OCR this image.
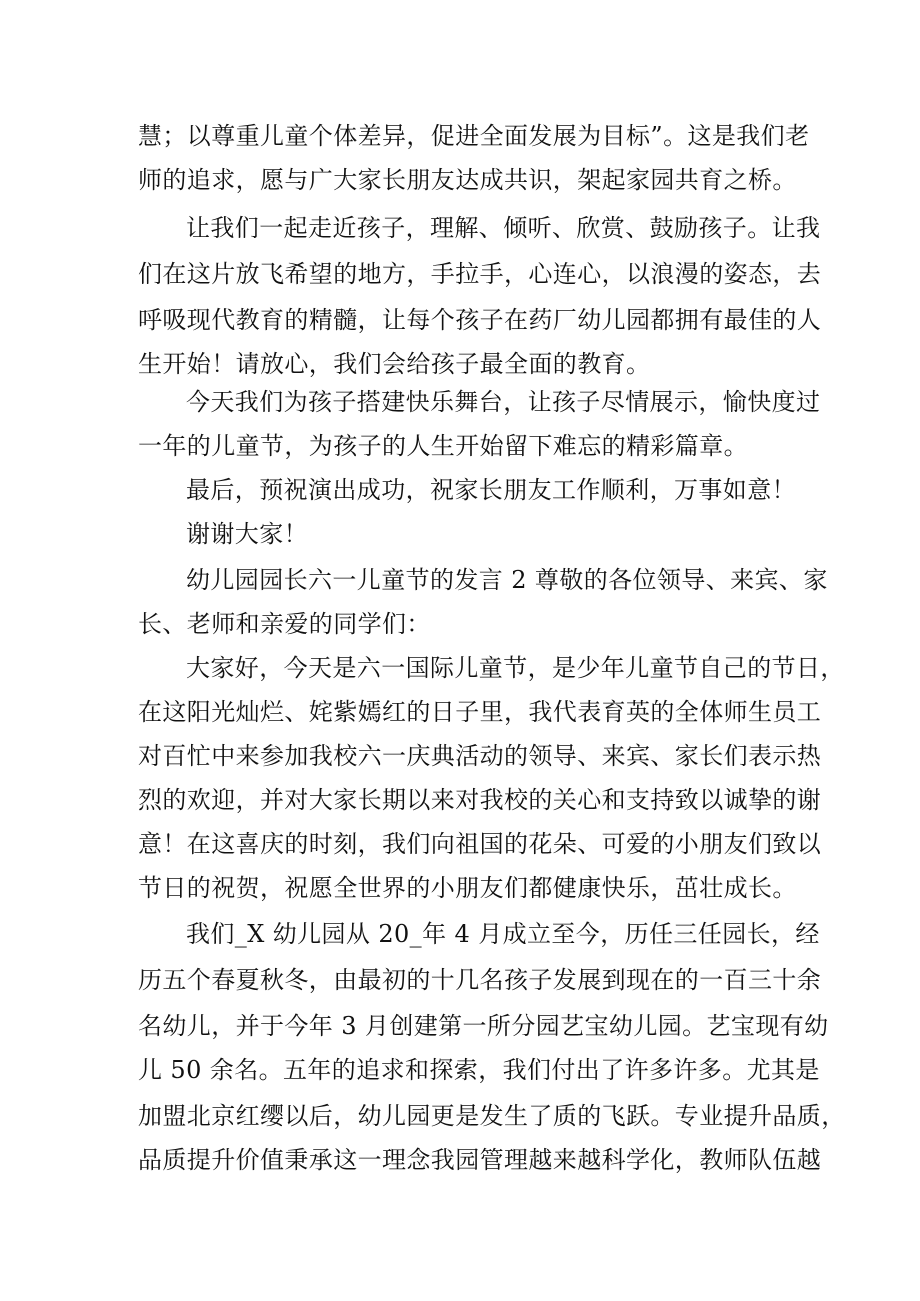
慧；以尊重儿童个体差异，促进全面发展为目标”。这是我们老
师的追求，愿与广大家长朋友达成共识，架起家园共育之桥。
让我们一起走近孩子，理解、倾听、欣赏、鼓励孩子。让我
们在这片放飞希望的地方，手拉手，心连心，以浪漫的姿态，去
呼吸现代教育的精髓，让每个孩子在药厂幼儿园都拥有最佳的人
生开始！请放心，我们会给孩子最全面的教育。
今天我们为孩子搭建快乐舞台，让孩子尽情展示，愉快度过
一年的儿童节，为孩子的人生开始留下难忘的精彩篇章。
最后，预祝演出成功，祝家长朋友工作顺利，万事如意！
谢谢大家！
幼儿园园长六一儿童节的发言 2 尊敬的各位领导、来宾、家
长、老师和亲爱的同学们：
大家好，今天是六一国际儿童节，是少年儿童节自己的节日，
在这阳光灿烂、姹紫嫣红的日子里，我代表育英的全体师生员工
对百忙中来参加我校六一庆典活动的领导、来宾、家长们表示热
烈的欢迎，并对大家长期以来对我校的关心和支持致以诚挚的谢
意！在这喜庆的时刻，我们向祖国的花朵、可爱的小朋友们致以
节日的祝贺，祝愿全世界的小朋友们都健康快乐，茁壮成长。
我们_X 幼儿园从 20_年 4 月成立至今，历任三任园长，经
历五个春夏秋冬，由最初的十几名孩子发展到现在的一百三十余
名幼儿，并于今年 3 月创建第一所分园艺宝幼儿园。艺宝现有幼
儿 50 余名。五年的追求和探索，我们付出了许多许多。尤其是
加盟北京红缨以后，幼儿园更是发生了质的飞跃。专业提升品质，
品质提升价值秉承这一理念我园管理越来越科学化，教师队伍越
